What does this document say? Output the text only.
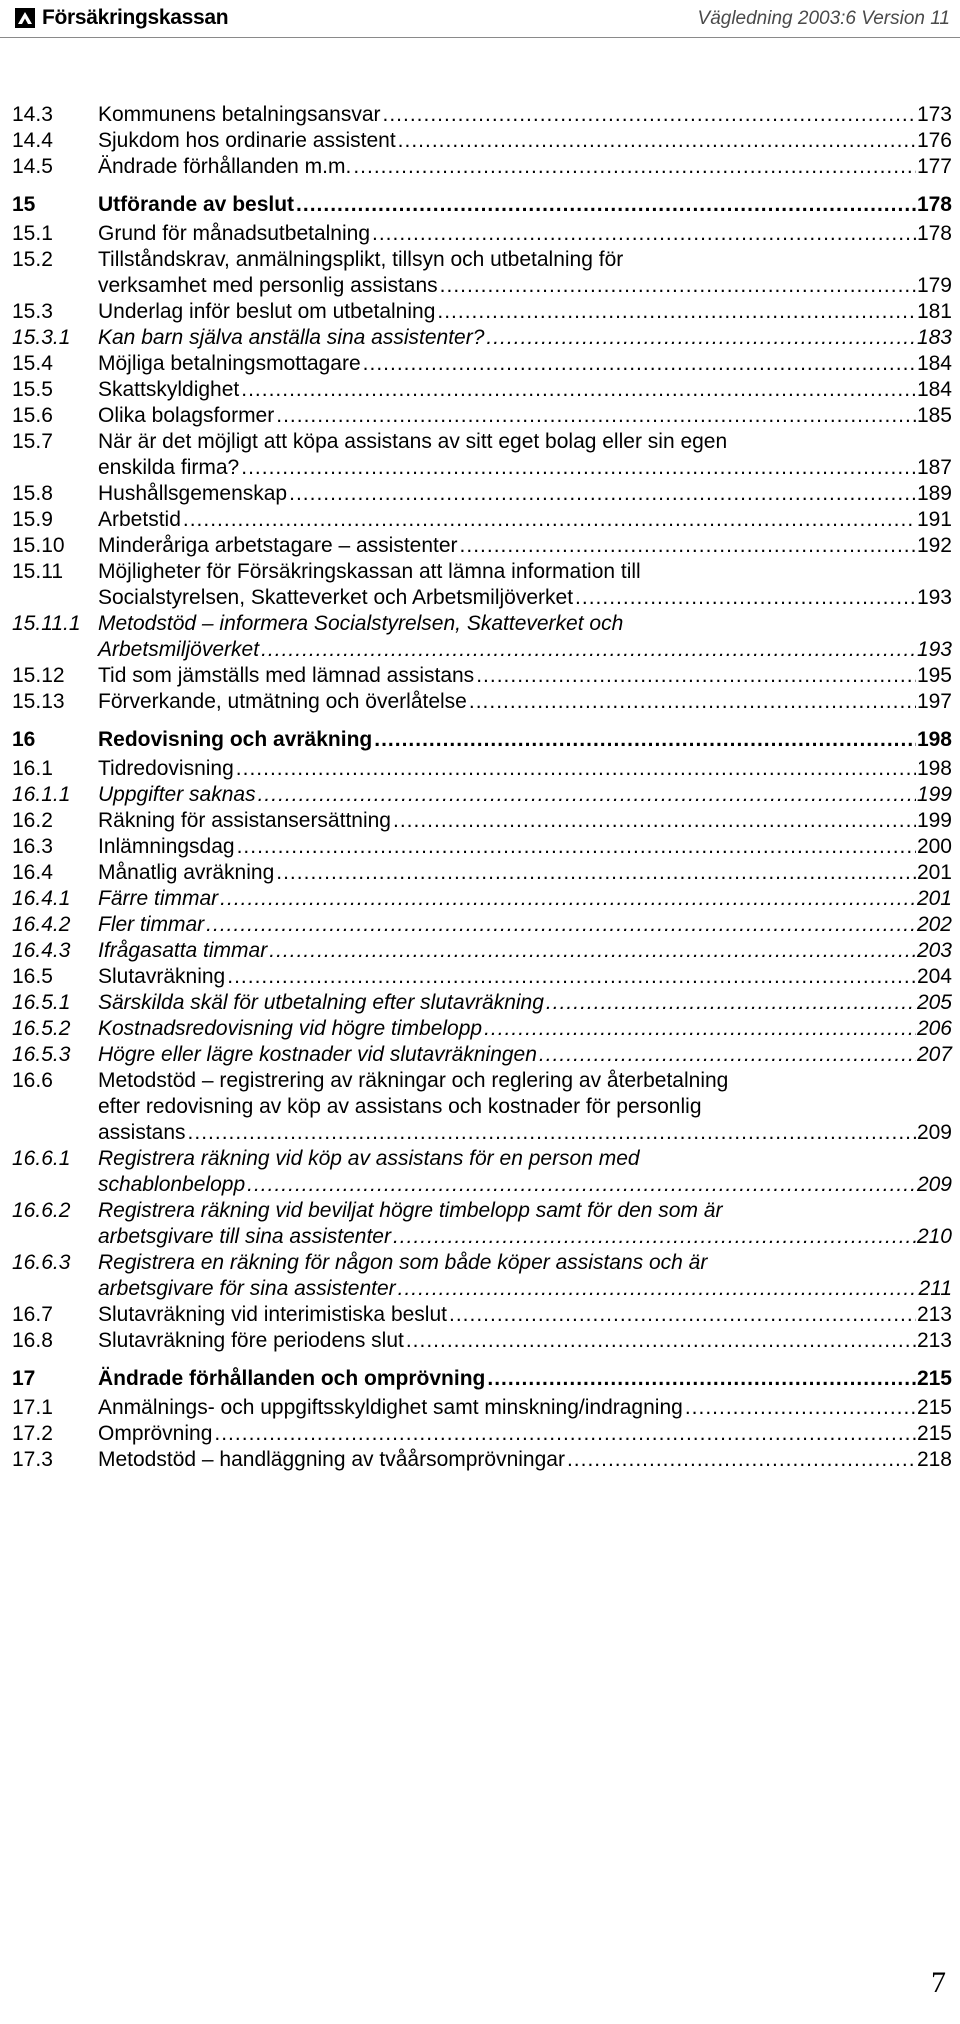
Försäkringskassan	Vägledning 2003:6 Version 11
14.3	Kommunens betalningsansvar .....	173
14.4	Sjukdom hos ordinarie assistent .....	176
14.5	Ändrade förhållanden m.m. .....	177
15	Utförande av beslut .....	178
15.1	Grund för månadsutbetalning .....	178
15.2	Tillståndskrav, anmälningsplikt, tillsyn och utbetalning för
verksamhet med personlig assistans .....	179
15.3	Underlag inför beslut om utbetalning .....	181
15.3.1	Kan barn själva anställa sina assistenter? .....	183
15.4	Möjliga betalningsmottagare .....	184
15.5	Skattskyldighet .....	184
15.6	Olika bolagsformer .....	185
15.7	När är det möjligt att köpa assistans av sitt eget bolag eller sin egen
enskilda firma? .....	187
15.8	Hushållsgemenskap .....	189
15.9	Arbetstid .....	191
15.10	Minderåriga arbetstagare – assistenter .....	192
15.11	Möjligheter för Försäkringskassan att lämna information till
Socialstyrelsen, Skatteverket och Arbetsmiljöverket .....	193
15.11.1 Metodstöd – informera Socialstyrelsen, Skatteverket och
Arbetsmiljöverket .....	193
15.12	Tid som jämställs med lämnad assistans .....	195
15.13	Förverkande, utmätning och överlåtelse .....	197
16	Redovisning och avräkning .....	198
16.1	Tidredovisning .....	198
16.1.1	Uppgifter saknas .....	199
16.2	Räkning för assistansersättning .....	199
16.3	Inlämningsdag .....	200
16.4	Månatlig avräkning .....	201
16.4.1	Färre timmar .....	201
16.4.2	Fler timmar .....	202
16.4.3	Ifrågasatta timmar .....	203
16.5	Slutavräkning .....	204
16.5.1	Särskilda skäl för utbetalning efter slutavräkning .....	205
16.5.2	Kostnadsredovisning vid högre timbelopp .....	206
16.5.3	Högre eller lägre kostnader vid slutavräkningen .....	207
16.6	Metodstöd – registrering av räkningar och reglering av återbetalning
efter redovisning av köp av assistans och kostnader för personlig
assistans .....	209
16.6.1	Registrera räkning vid köp av assistans för en person med
schablonbelopp .....	209
16.6.2	Registrera räkning vid beviljat högre timbelopp samt för den som är
arbetsgivare till sina assistenter .....	210
16.6.3	Registrera en räkning för någon som både köper assistans och är
arbetsgivare för sina assistenter .....	211
16.7	Slutavräkning vid interimistiska beslut .....	213
16.8	Slutavräkning före periodens slut .....	213
17	Ändrade förhållanden och omprövning .....	215
17.1	Anmälnings- och uppgiftsskyldighet samt minskning/indragning .....	215
17.2	Omprövning .....	215
17.3	Metodstöd – handläggning av tvåårsomprövningar .....	218
7
